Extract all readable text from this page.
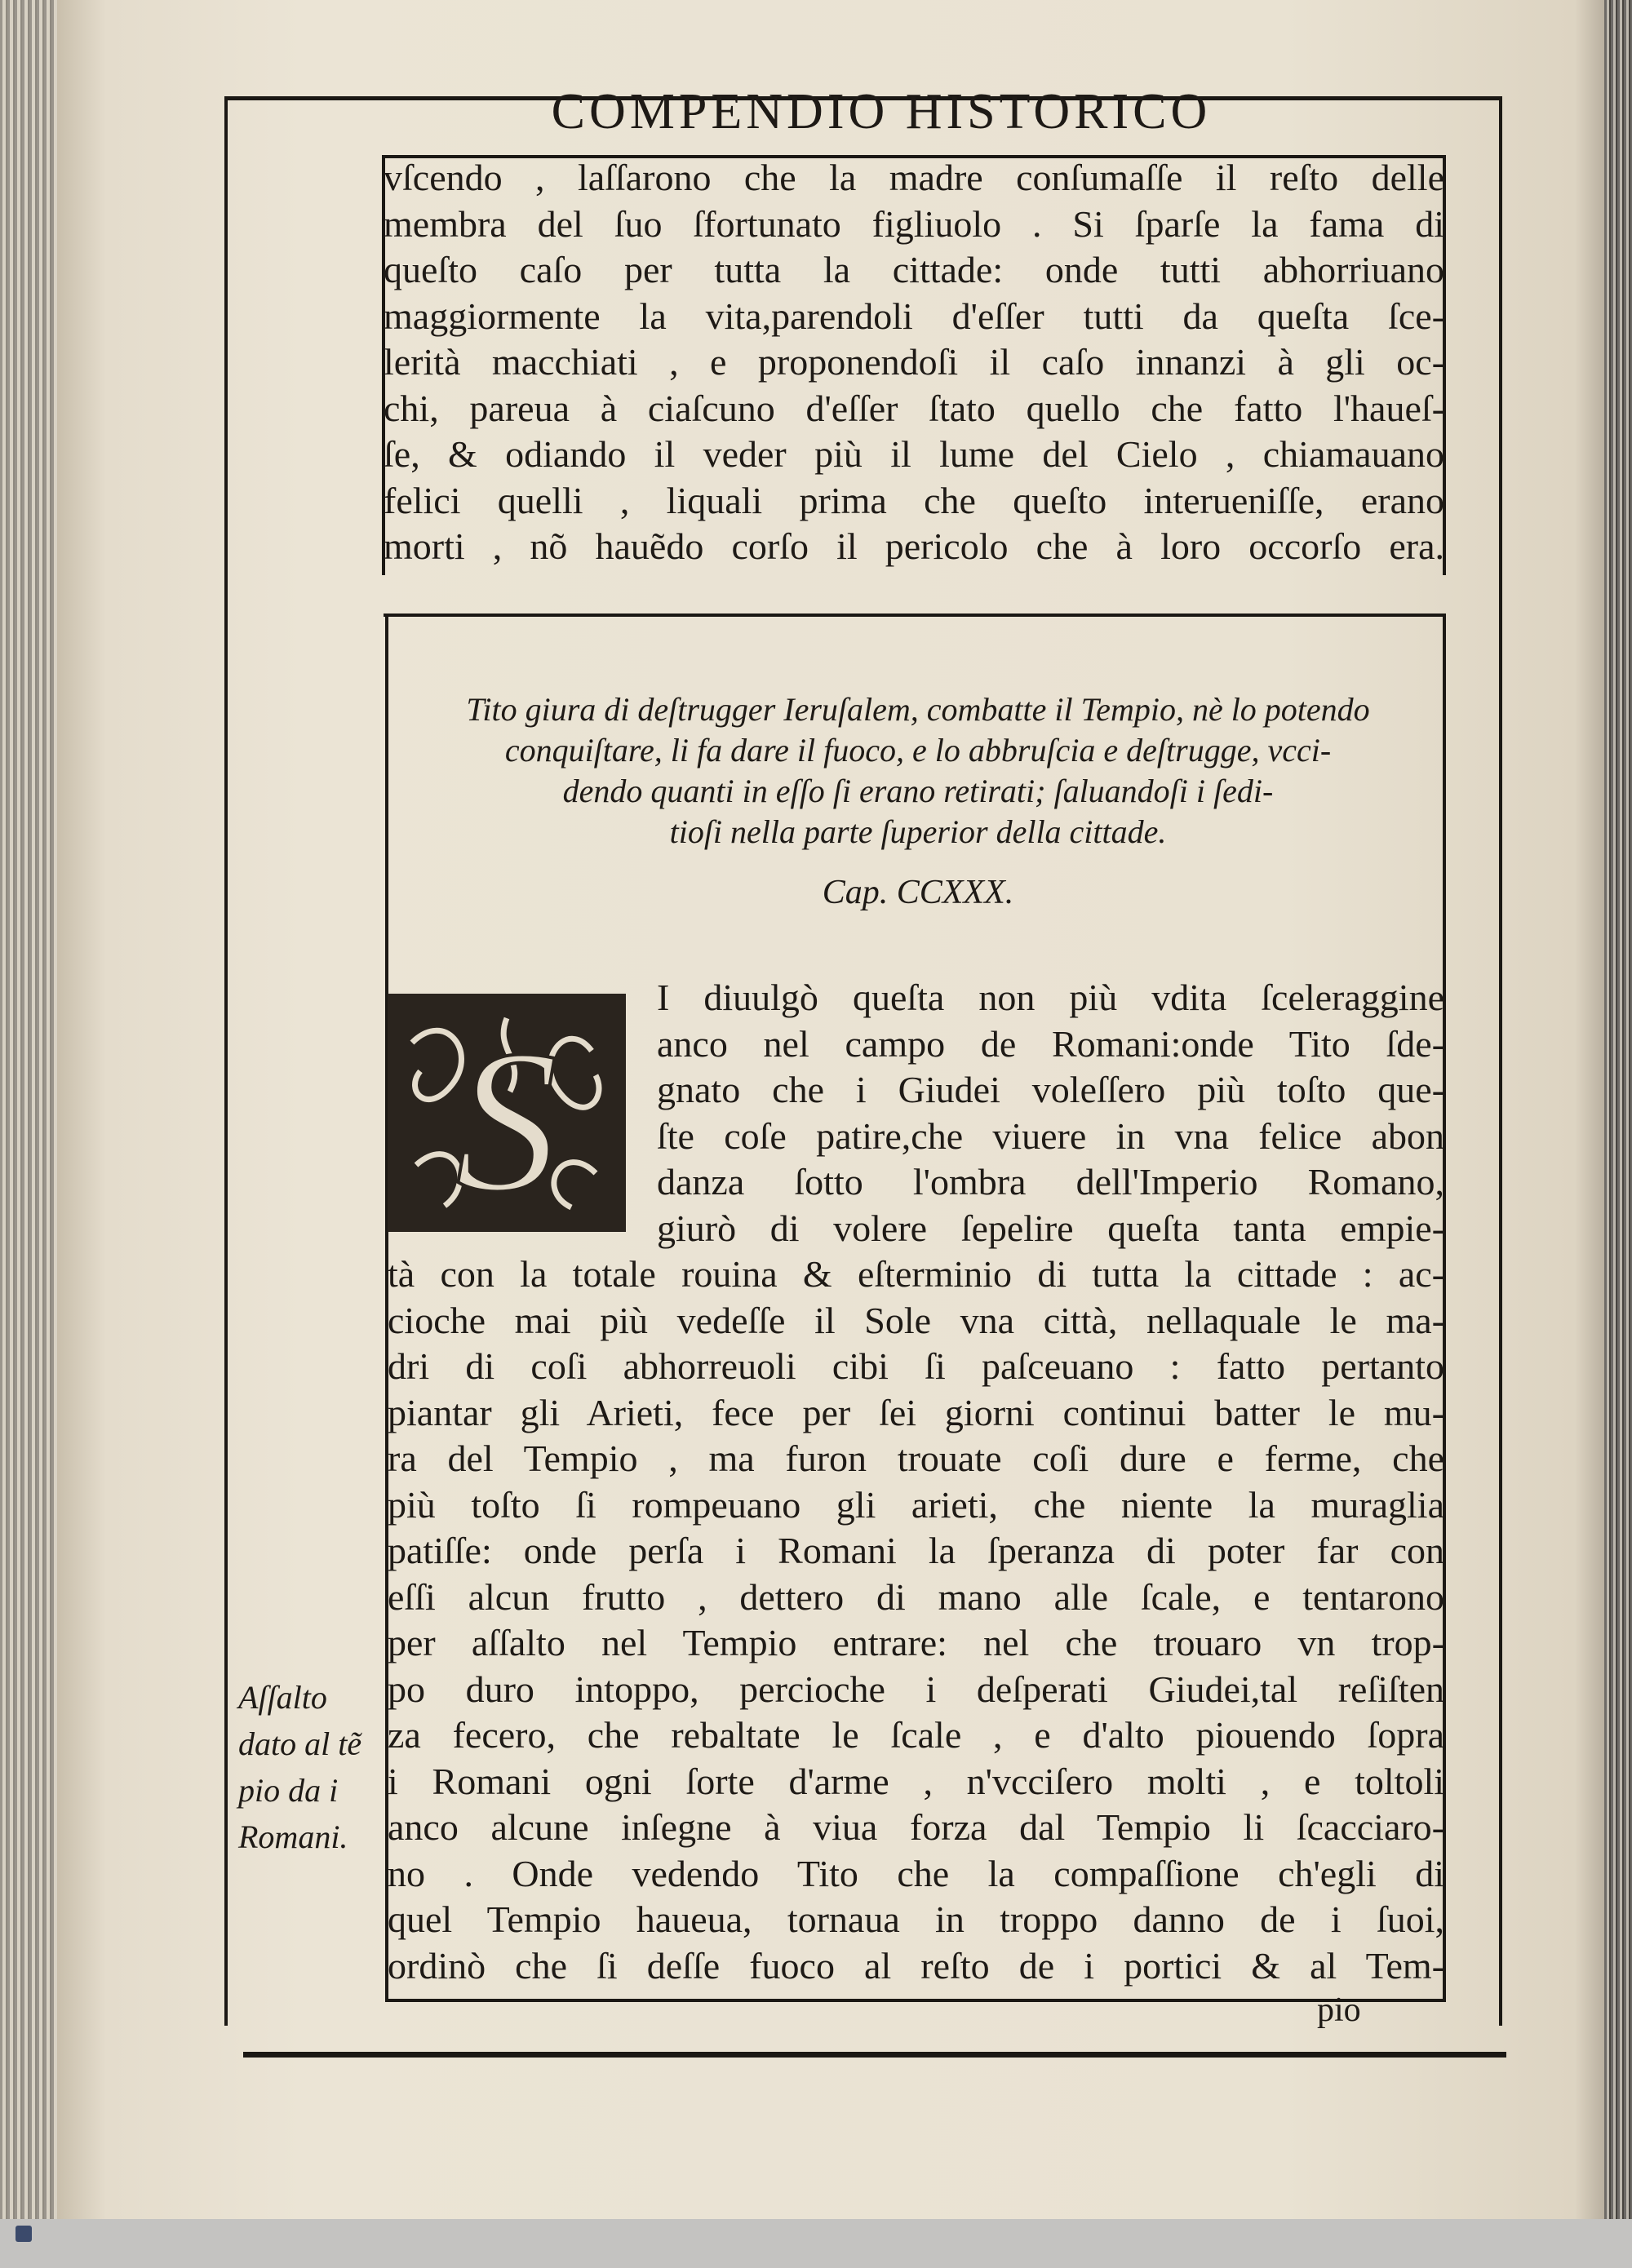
COMPENDIO HISTORICO
vſcendo , laſſarono che la madre conſumaſſe il reſto delle
membra del ſuo ſfortunato figliuolo . Si ſparſe la fama di
queſto caſo per tutta la cittade: onde tutti abhorriuano
maggiormente la vita,parendoli d'eſſer tutti da queſta ſce-
lerità macchiati , e proponendoſi il caſo innanzi à gli oc-
chi, pareua à ciaſcuno d'eſſer ſtato quello che fatto l'haueſ-
ſe, & odiando il veder più il lume del Cielo , chiamauano
felici quelli , liquali prima che queſto interueniſſe, erano
morti , nõ hauẽdo corſo il pericolo che à loro occorſo era.
Tito giura di deſtrugger Ieruſalem, combatte il Tempio, nè lo potendo
conquiſtare, li fa dare il fuoco, e lo abbruſcia e deſtrugge, vcci-
dendo quanti in eſſo ſi erano retirati; ſaluandoſi i ſedi-
tioſi nella parte ſuperior della cittade.
Cap. CCXXX.
S
I diuulgò queſta non più vdita ſceleraggine
anco nel campo de Romani:onde Tito ſde-
gnato che i Giudei voleſſero più toſto que-
ſte coſe patire,che viuere in vna felice abon
danza ſotto l'ombra dell'Imperio Romano,
giurò di volere ſepelire queſta tanta empie-
tà con la totale rouina & eſterminio di tutta la cittade : ac-
cioche mai più vedeſſe il Sole vna città, nellaquale le ma-
dri di coſi abhorreuoli cibi ſi paſceuano : fatto pertanto
piantar gli Arieti, fece per ſei giorni continui batter le mu-
ra del Tempio , ma furon trouate coſi dure e ferme, che
più toſto ſi rompeuano gli arieti, che niente la muraglia
patiſſe: onde perſa i Romani la ſperanza di poter far con
eſſi alcun frutto , dettero di mano alle ſcale, e tentarono
per aſſalto nel Tempio entrare: nel che trouaro vn trop-
po duro intoppo, percioche i deſperati Giudei,tal reſiſten
za fecero, che rebaltate le ſcale , e d'alto piouendo ſopra
i Romani ogni ſorte d'arme , n'vcciſero molti , e toltoli
anco alcune inſegne à viua forza dal Tempio li ſcacciaro-
no . Onde vedendo Tito che la compaſſione ch'egli di
quel Tempio haueua, tornaua in troppo danno de i ſuoi,
ordinò che ſi deſſe fuoco al reſto de i portici & al Tem-
Aſſalto
dato al tẽ
pio da i
Romani.
pio
